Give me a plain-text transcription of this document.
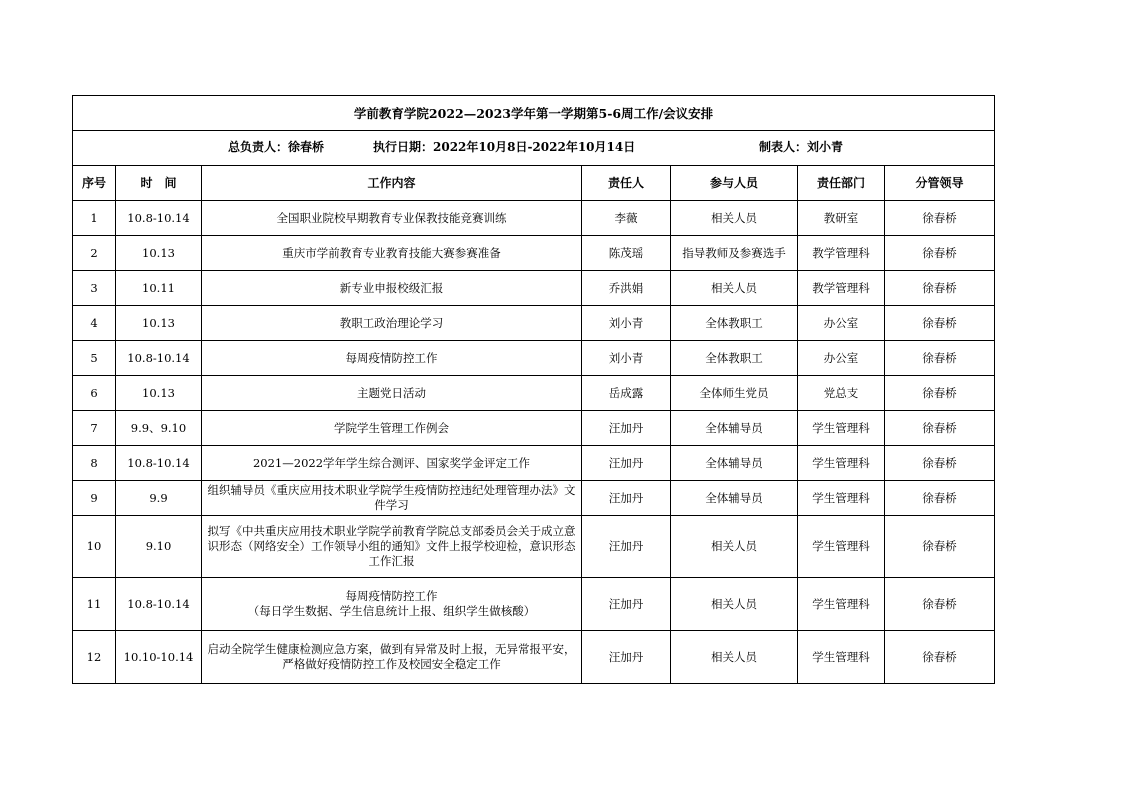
学前教育学院2022—2023学年第一学期第5-6周工作/会议安排						

总负责人：徐春桥 执行日期：2022年10月8日-2022年10月14日 制表人：刘小青						

序号	时　间	工作内容	责任人	参与人员	责任部门	分管领导
1	10.8-10.14	全国职业院校早期教育专业保教技能竞赛训练	李薇	相关人员	教研室	徐春桥
2	10.13	重庆市学前教育专业教育技能大赛参赛准备	陈茂瑶	指导教师及参赛选手	教学管理科	徐春桥
3	10.11	新专业申报校级汇报	乔洪娟	相关人员	教学管理科	徐春桥
4	10.13	教职工政治理论学习	刘小青	全体教职工	办公室	徐春桥
5	10.8-10.14	每周疫情防控工作	刘小青	全体教职工	办公室	徐春桥
6	10.13	主题党日活动	岳成露	全体师生党员	党总支	徐春桥
7	9.9、9.10	学院学生管理工作例会	汪加丹	全体辅导员	学生管理科	徐春桥
8	10.8-10.14	2021—2022学年学生综合测评、国家奖学金评定工作	汪加丹	全体辅导员	学生管理科	徐春桥
9	9.9	组织辅导员《重庆应用技术职业学院学生疫情防控违纪处理管理办法》文件学习	汪加丹	全体辅导员	学生管理科	徐春桥
10	9.10	拟写《中共重庆应用技术职业学院学前教育学院总支部委员会关于成立意识形态（网络安全）工作领导小组的通知》文件上报学校迎检，意识形态工作汇报	汪加丹	相关人员	学生管理科	徐春桥
11	10.8-10.14	每周疫情防控工作
（每日学生数据、学生信息统计上报、组织学生做核酸）	汪加丹	相关人员	学生管理科	徐春桥
12	10.10-10.14	启动全院学生健康检测应急方案，做到有异常及时上报，无异常报平安，严格做好疫情防控工作及校园安全稳定工作	汪加丹	相关人员	学生管理科	徐春桥
